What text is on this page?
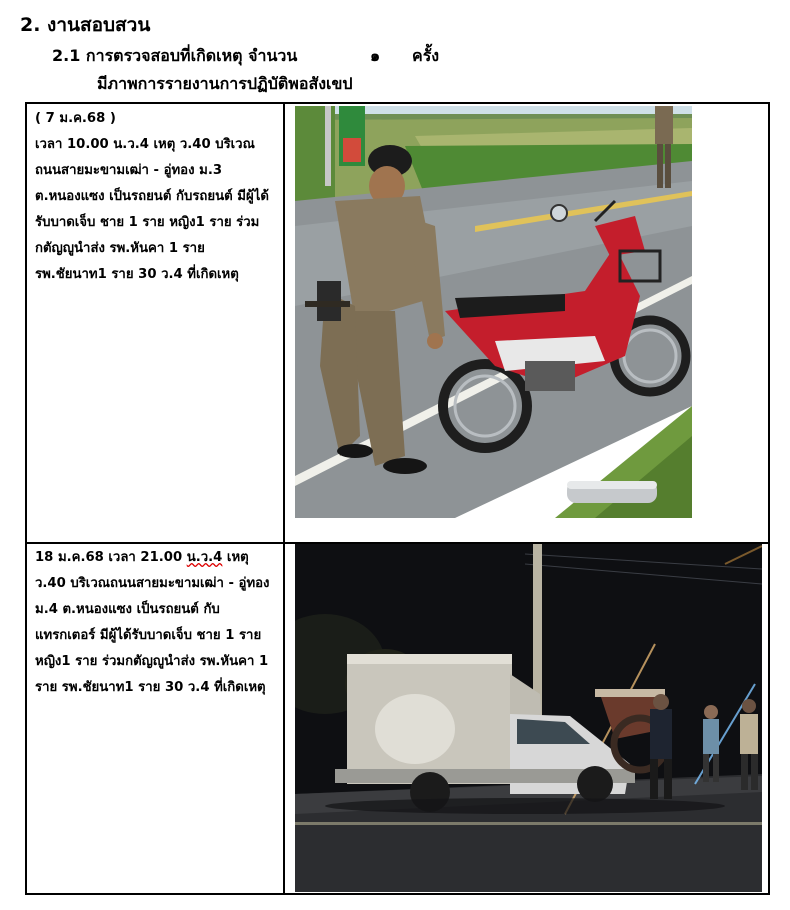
2. งานสอบสวน
2.1 การตรวจสอบที่เกิดเหตุ จำนวน	๑ ครั้ง
มีภาพการรายงานการปฏิบัติพอสังเขป
( 7 ม.ค.68 )
เวลา 10.00 น.ว.4 เหตุ ว.40 บริเวณถนนสายมะขามเฒ่า - อู่ทอง ม.3 ต.หนองแซง เป็นรถยนต์ กับรถยนต์ มีผู้ได้รับบาดเจ็บ ชาย 1 ราย หญิง1 ราย ร่วมกตัญญูนำส่ง รพ.หันคา 1 ราย รพ.ชัยนาท1 ราย 30 ว.4 ที่เกิดเหตุ
18 ม.ค.68 เวลา 21.00 น.ว.4 เหตุ ว.40 บริเวณถนนสายมะขามเฒ่า - อู่ทอง ม.4 ต.หนองแซง เป็นรถยนต์ กับแทรกเตอร์ มีผู้ได้รับบาดเจ็บ ชาย 1 ราย หญิง1 ราย ร่วมกตัญญูนำส่ง รพ.หันคา 1 ราย รพ.ชัยนาท1 ราย 30 ว.4 ที่เกิดเหตุ
